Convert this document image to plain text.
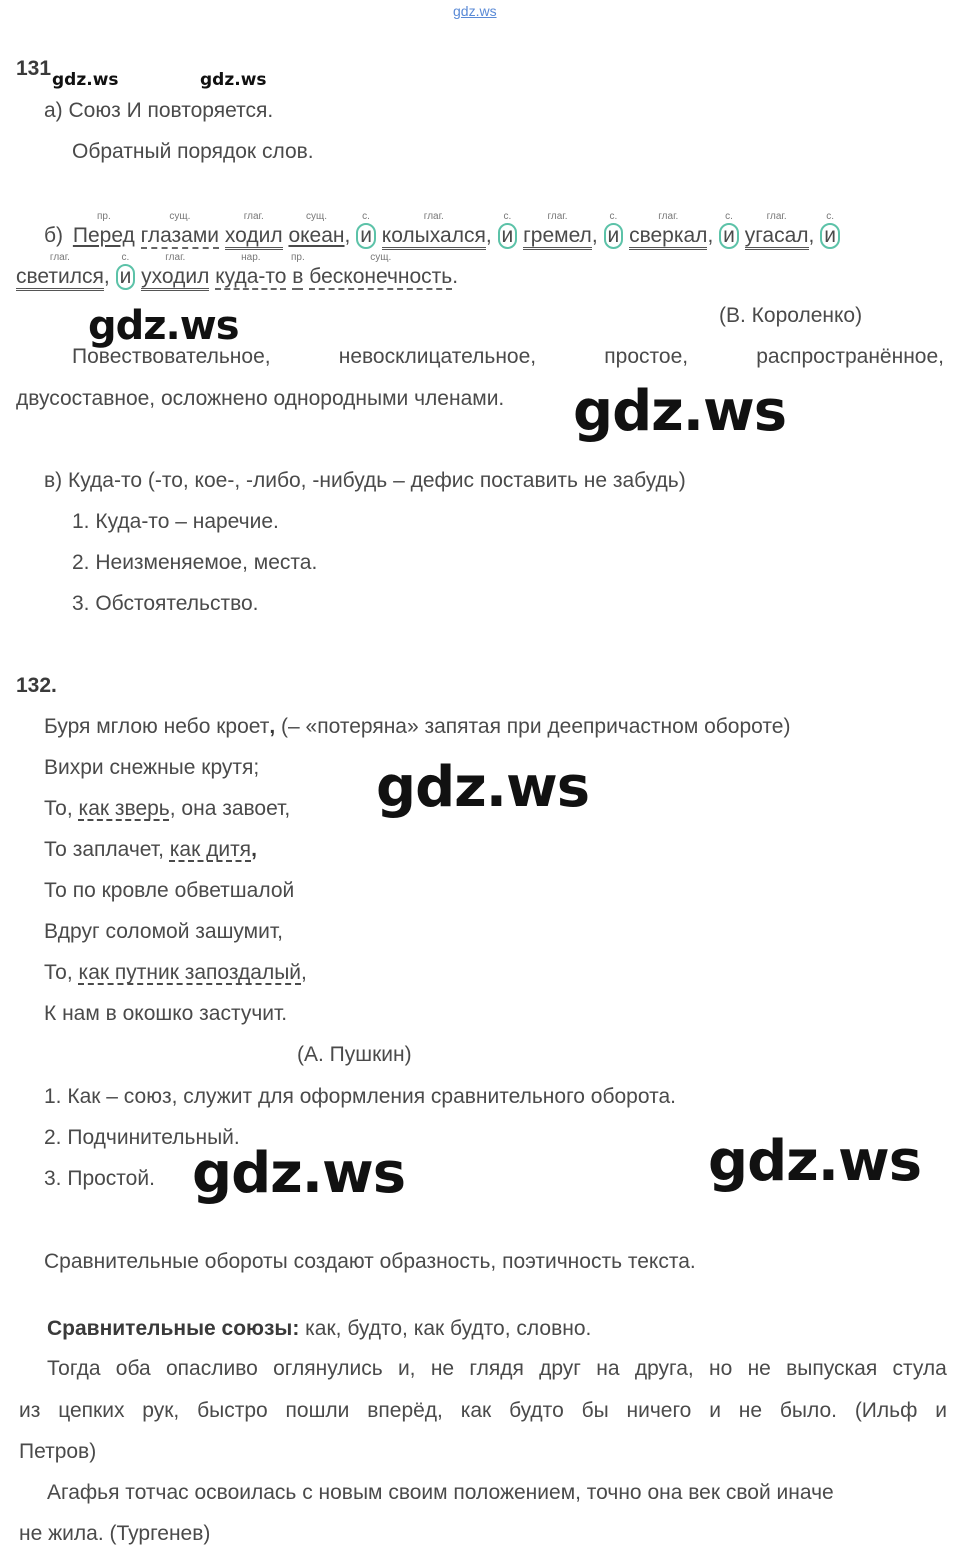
gdz.ws
131 gdz.ws	gdz.ws
а) Союз И повторяется.
Обратный порядок слов.
б)
пр.
Перед
сущ.
глазами
глаг.
ходил
сущ.
океан,
с.
и
глаг.
колыхался,
с.
и
глаг.
гремел,
с.
и
глаг.
сверкал,
с.
и
глаг.
угасал,
с.
и
глаг.
светился,
с.
и
глаг.
уходил
нар.
куда-то
пр.
в
сущ.
бесконечность.
gdz.ws	(В. Короленко)
Повествовательное,	невосклицательное,	простое,	распространённое,
двусоставное, осложнено однородными членами. gdz.ws
в) Куда-то (-то, кое-, -либо, -нибудь – дефис поставить не забудь)
1. Куда-то – наречие.
2. Неизменяемое, места.
3. Обстоятельство.
132.
Буря мглою небо кроет, (– «потеряна» запятая при деепричастном обороте)
Вихри снежные крутя;
То, как зверь, она завоет, gdz.ws
То заплачет, как дитя,
То по кровле обветшалой
Вдруг соломой зашумит,
То, как путник запоздалый,
К нам в окошко застучит.
(А. Пушкин)
1. Как – союз, служит для оформления сравнительного оборота.
2. Подчинительный.
3. Простой. gdz.ws	gdz.ws
Сравнительные обороты создают образность, поэтичность текста.
Сравнительные союзы: как, будто, как будто, словно.
Тогда оба опасливо оглянулись и, не глядя друг на друга, но не выпуская стула
из цепких рук, быстро пошли вперёд, как будто бы ничего и не было. (Ильф и
Петров)
Агафья тотчас освоилась с новым своим положением, точно она век свой иначе
не жила. (Тургенев)
